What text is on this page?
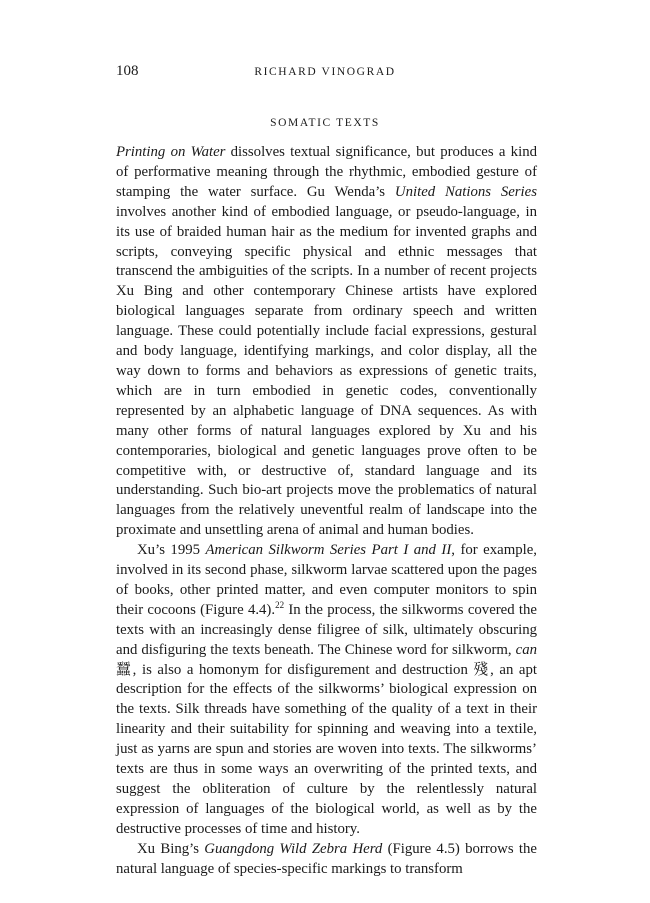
108	RICHARD VINOGRAD
SOMATIC TEXTS

Printing on Water dissolves textual significance, but produces a kind of performative meaning through the rhythmic, embodied gesture of stamping the water surface. Gu Wenda’s United Nations Series involves another kind of embodied language, or pseudo-language, in its use of braided human hair as the medium for invented graphs and scripts, conveying specific physical and ethnic messages that transcend the ambiguities of the scripts. In a number of recent projects Xu Bing and other contemporary Chinese artists have explored biological languages separate from ordinary speech and written language. These could potentially include facial expressions, gestural and body language, identifying markings, and color display, all the way down to forms and behaviors as expressions of genetic traits, which are in turn embodied in genetic codes, conventionally represented by an alphabetic language of DNA sequences. As with many other forms of natural languages explored by Xu and his contemporaries, biological and genetic languages prove often to be competitive with, or destructive of, standard language and its understanding. Such bio-art projects move the problematics of natural languages from the relatively uneventful realm of landscape into the proximate and unsettling arena of animal and human bodies.

Xu’s 1995 American Silkworm Series Part I and II, for example, involved in its second phase, silkworm larvae scattered upon the pages of books, other printed matter, and even computer monitors to spin their cocoons (Figure 4.4).$^{22}$ In the process, the silkworms covered the texts with an increasingly dense filigree of silk, ultimately obscuring and disfiguring the texts beneath. The Chinese word for silkworm, can 蠶, is also a homonym for disfigurement and destruction 殘, an apt description for the effects of the silkworms’ biological expression on the texts. Silk threads have something of the quality of a text in their linearity and their suitability for spinning and weaving into a textile, just as yarns are spun and stories are woven into texts. The silkworms’ texts are thus in some ways an overwriting of the printed texts, and suggest the obliteration of culture by the relentlessly natural expression of languages of the biological world, as well as by the destructive processes of time and history.

Xu Bing’s Guangdong Wild Zebra Herd (Figure 4.5) borrows the natural language of species-specific markings to transform
